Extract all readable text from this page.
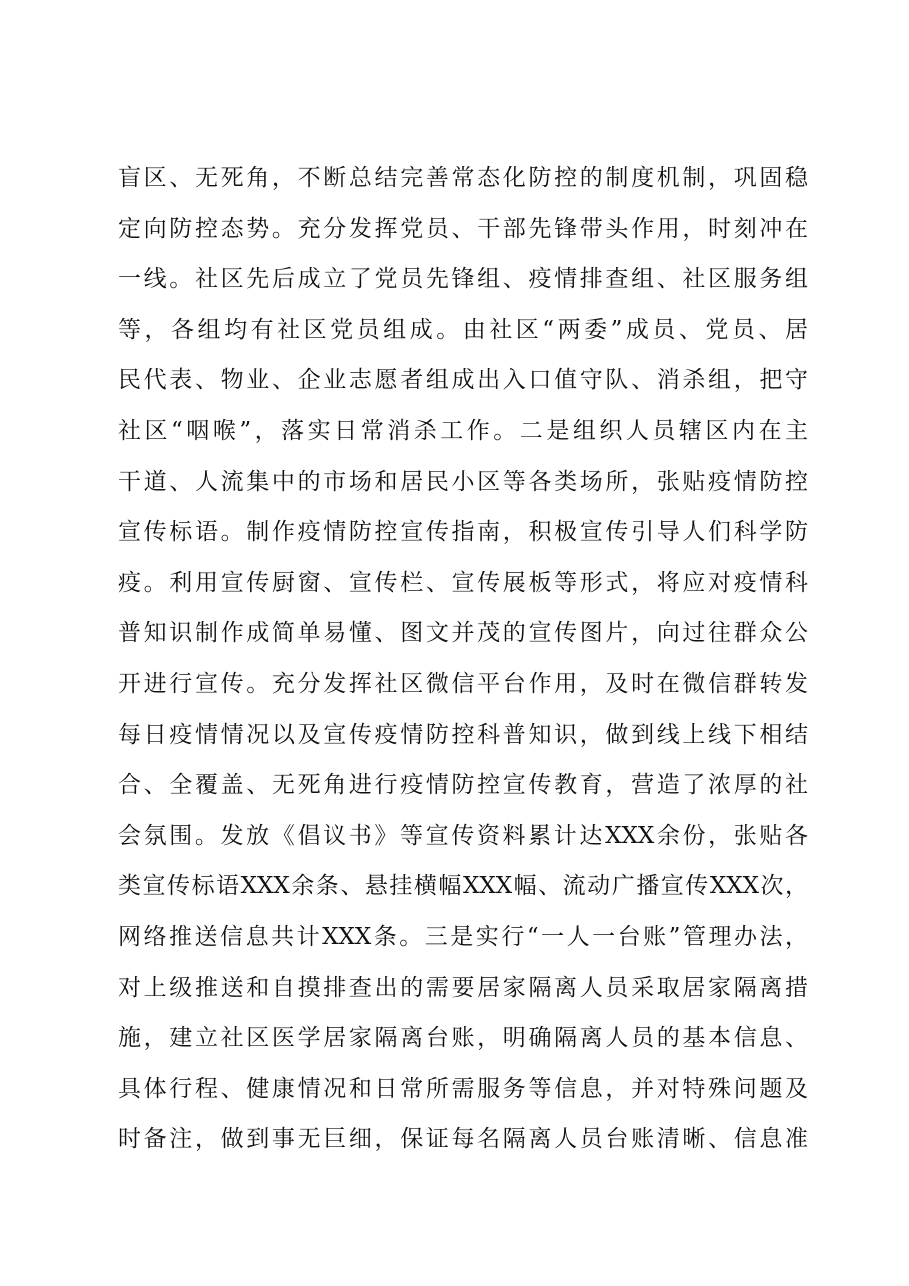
盲区、无死角，不断总结完善常态化防控的制度机制，巩固稳
定向防控态势。充分发挥党员、干部先锋带头作用，时刻冲在
一线。社区先后成立了党员先锋组、疫情排查组、社区服务组
等，各组均有社区党员组成。由社区“两委”成员、党员、居
民代表、物业、企业志愿者组成出入口值守队、消杀组，把守
社区“咽喉”，落实日常消杀工作。二是组织人员辖区内在主
干道、人流集中的市场和居民小区等各类场所，张贴疫情防控
宣传标语。制作疫情防控宣传指南，积极宣传引导人们科学防
疫。利用宣传厨窗、宣传栏、宣传展板等形式，将应对疫情科
普知识制作成简单易懂、图文并茂的宣传图片，向过往群众公
开进行宣传。充分发挥社区微信平台作用，及时在微信群转发
每日疫情情况以及宣传疫情防控科普知识，做到线上线下相结
合、全覆盖、无死角进行疫情防控宣传教育，营造了浓厚的社
会氛围。发放《倡议书》等宣传资料累计达XXX余份，张贴各
类宣传标语XXX余条、悬挂横幅XXX幅、流动广播宣传XXX次，
网络推送信息共计XXX条。三是实行“一人一台账”管理办法，
对上级推送和自摸排查出的需要居家隔离人员采取居家隔离措
施，建立社区医学居家隔离台账，明确隔离人员的基本信息、
具体行程、健康情况和日常所需服务等信息，并对特殊问题及
时备注，做到事无巨细，保证每名隔离人员台账清晰、信息准
